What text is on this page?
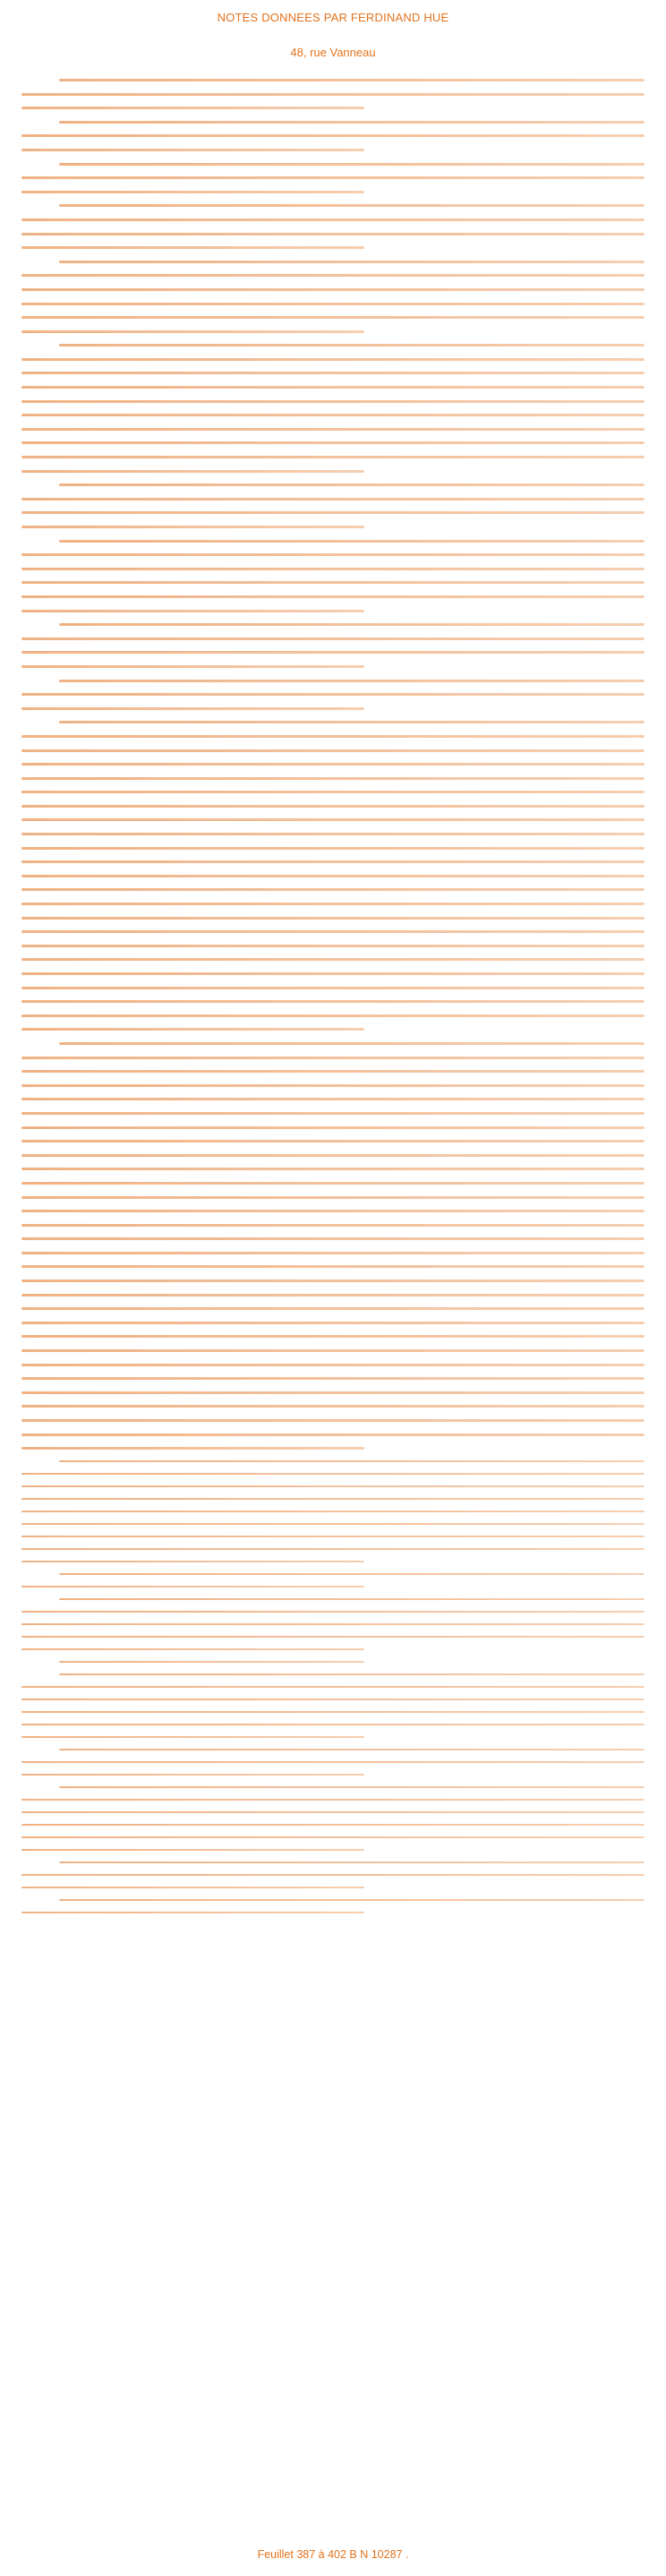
NOTES DONNEES PAR FERDINAND HUE
48, rue Vanneau
Feuillet 387 à 402 B N 10287 .
